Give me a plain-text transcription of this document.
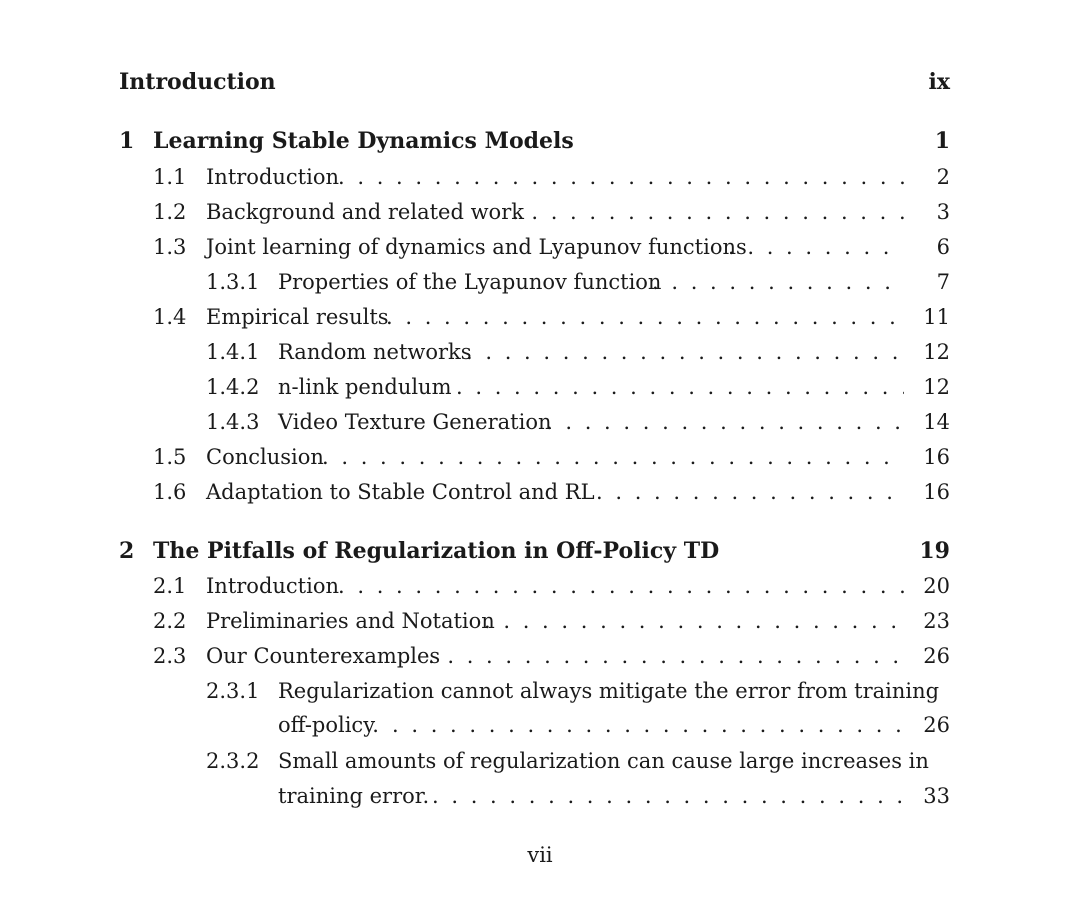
Introduction	ix
1 Learning Stable Dynamics Models	1
1.1 Introduction . . .	2
1.2 Background and related work . . .	3
1.3 Joint learning of dynamics and Lyapunov functions . . .	6
1.3.1 Properties of the Lyapunov function . . .	7
1.4 Empirical results . . .	11
1.4.1 Random networks . . .	12
1.4.2 n-link pendulum . . .	12
1.4.3 Video Texture Generation . . .	14
1.5 Conclusion . . .	16
1.6 Adaptation to Stable Control and RL . . .	16
2 The Pitfalls of Regularization in Off-Policy TD	19
2.1 Introduction . . .	20
2.2 Preliminaries and Notation . . .	23
2.3 Our Counterexamples . . .	26
2.3.1 Regularization cannot always mitigate the error from training
off-policy. . . .	26
2.3.2 Small amounts of regularization can cause large increases in
training error. . . .	33
vii
